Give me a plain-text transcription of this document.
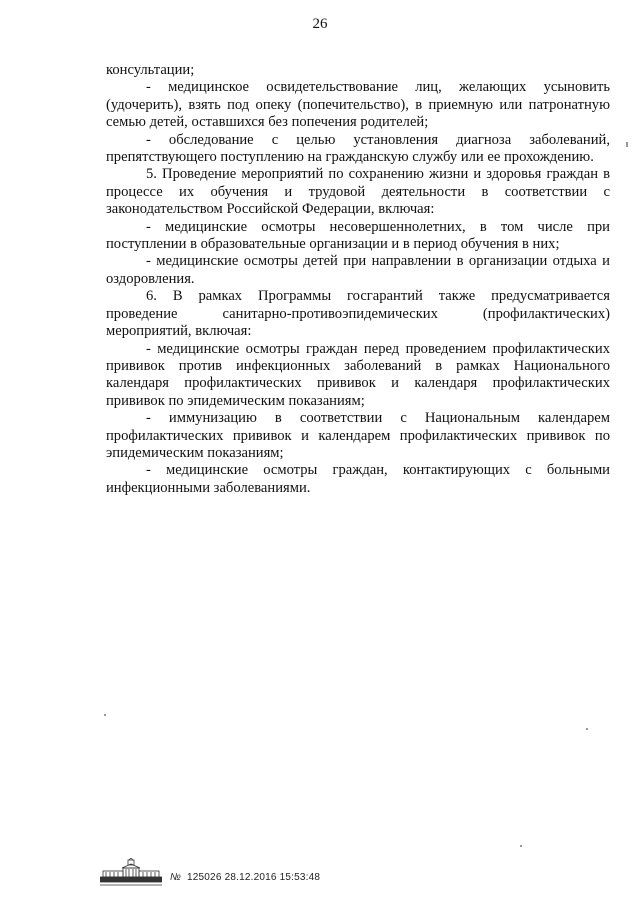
26

консультации;

- медицинское освидетельствование лиц, желающих усыновить (удочерить), взять под опеку (попечительство), в приемную или патронатную семью детей, оставшихся без попечения родителей;

- обследование с целью установления диагноза заболеваний, препятствующего поступлению на гражданскую службу или ее прохождению.

5. Проведение мероприятий по сохранению жизни и здоровья граждан в процессе их обучения и трудовой деятельности в соответствии с законодательством Российской Федерации, включая:

- медицинские осмотры несовершеннолетних, в том числе при поступлении в образовательные организации и в период обучения в них;

- медицинские осмотры детей при направлении в организации отдыха и оздоровления.

6. В рамках Программы госгарантий также предусматривается проведение санитарно-противоэпидемических (профилактических) мероприятий, включая:

- медицинские осмотры граждан перед проведением профилактических прививок против инфекционных заболеваний в рамках Национального календаря профилактических прививок и календаря профилактических прививок по эпидемическим показаниям;

- иммунизацию в соответствии с Национальным календарем профилактических прививок и календарем профилактических прививок по эпидемическим показаниям;

- медицинские осмотры граждан, контактирующих с больными инфекционными заболеваниями.

№ 125026 28.12.2016 15:53:48
